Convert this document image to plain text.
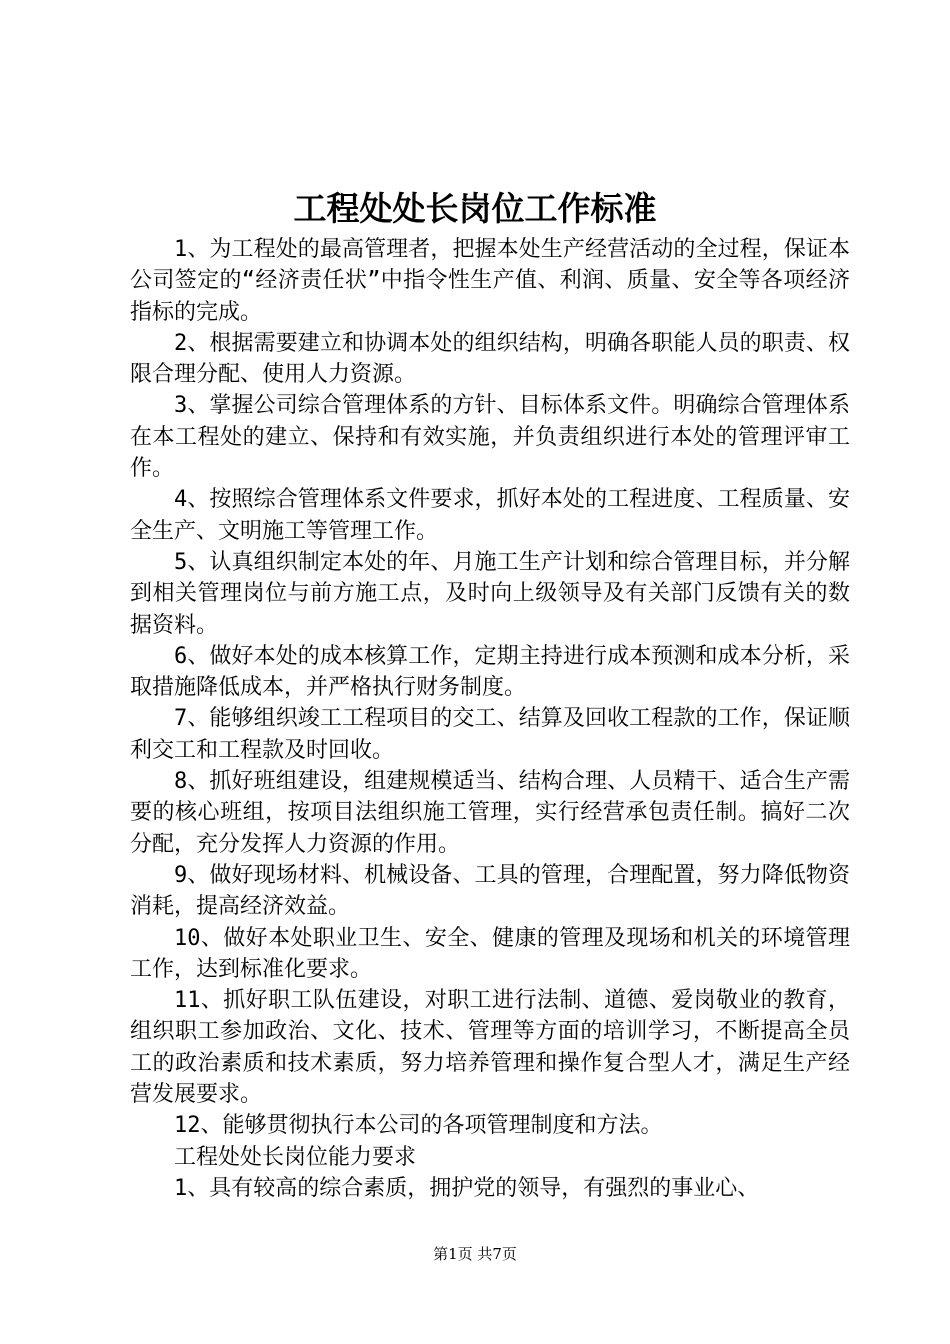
工程处处长岗位工作标准

1、为工程处的最高管理者，把握本处生产经营活动的全过程，保证本公司签定的“经济责任状”中指令性生产值、利润、质量、安全等各项经济指标的完成。

2、根据需要建立和协调本处的组织结构，明确各职能人员的职责、权限合理分配、使用人力资源。

3、掌握公司综合管理体系的方针、目标体系文件。明确综合管理体系在本工程处的建立、保持和有效实施，并负责组织进行本处的管理评审工作。

4、按照综合管理体系文件要求，抓好本处的工程进度、工程质量、安全生产、文明施工等管理工作。

5、认真组织制定本处的年、月施工生产计划和综合管理目标，并分解到相关管理岗位与前方施工点，及时向上级领导及有关部门反馈有关的数据资料。

6、做好本处的成本核算工作，定期主持进行成本预测和成本分析，采取措施降低成本，并严格执行财务制度。

7、能够组织竣工工程项目的交工、结算及回收工程款的工作，保证顺利交工和工程款及时回收。

8、抓好班组建设，组建规模适当、结构合理、人员精干、适合生产需要的核心班组，按项目法组织施工管理，实行经营承包责任制。搞好二次分配，充分发挥人力资源的作用。

9、做好现场材料、机械设备、工具的管理，合理配置，努力降低物资消耗，提高经济效益。

10、做好本处职业卫生、安全、健康的管理及现场和机关的环境管理工作，达到标准化要求。

11、抓好职工队伍建设，对职工进行法制、道德、爱岗敬业的教育，组织职工参加政治、文化、技术、管理等方面的培训学习，不断提高全员工的政治素质和技术素质，努力培养管理和操作复合型人才，满足生产经营发展要求。

12、能够贯彻执行本公司的各项管理制度和方法。

工程处处长岗位能力要求

1、具有较高的综合素质，拥护党的领导，有强烈的事业心、

第1页 共7页
